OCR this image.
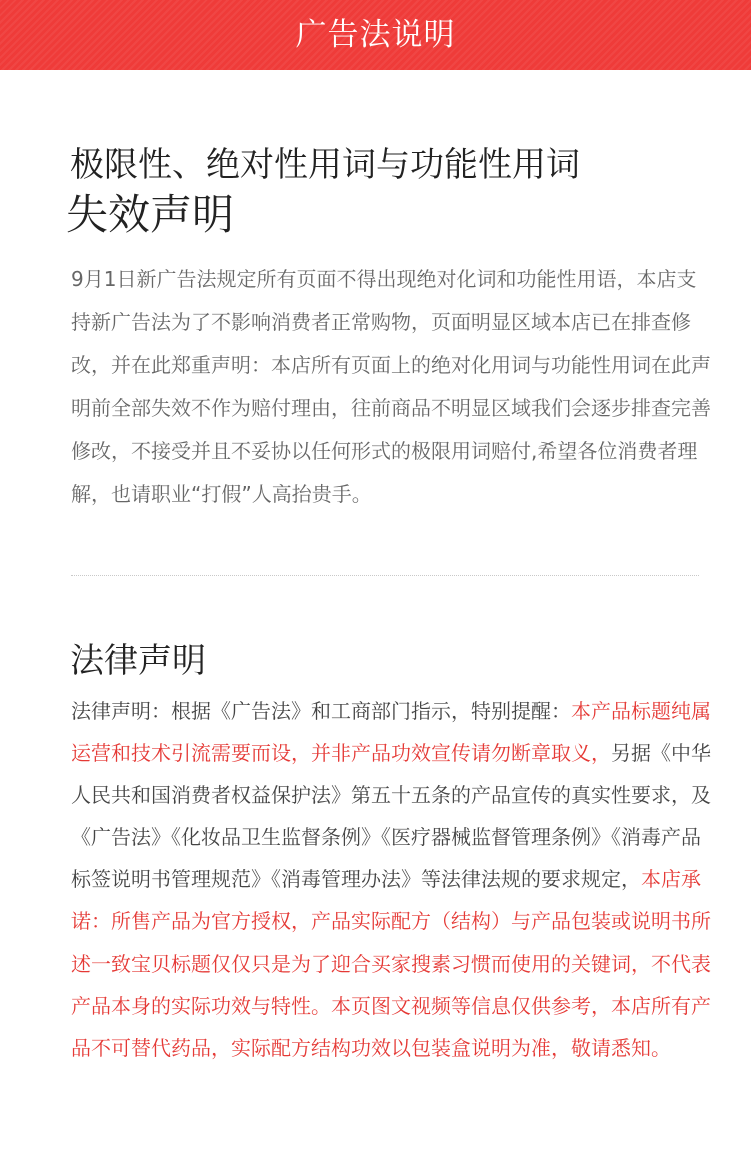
广告法说明
极限性、绝对性用词与功能性用词
失效声明

9月1日新广告法规定所有页面不得出现绝对化词和功能性用语，本店支持新广告法为了不影响消费者正常购物，页面明显区域本店已在排查修改，并在此郑重声明：本店所有页面上的绝对化用词与功能性用词在此声明前全部失效不作为赔付理由，往前商品不明显区域我们会逐步排查完善修改，不接受并且不妥协以任何形式的极限用词赔付,希望各位消费者理解，也请职业“打假”人高抬贵手。

法律声明

法律声明：根据《广告法》和工商部门指示，特别提醒：本产品标题纯属运营和技术引流需要而设，并非产品功效宣传请勿断章取义，另据《中华人民共和国消费者权益保护法》第五十五条的产品宣传的真实性要求，及《广告法》《化妆品卫生监督条例》《医疗器械监督管理条例》《消毒产品标签说明书管理规范》《消毒管理办法》等法律法规的要求规定，本店承诺：所售产品为官方授权，产品实际配方（结构）与产品包装或说明书所述一致宝贝标题仅仅只是为了迎合买家搜素习惯而使用的关键词，不代表产品本身的实际功效与特性。本页图文视频等信息仅供参考，本店所有产品不可替代药品，实际配方结构功效以包装盒说明为准，敬请悉知。
